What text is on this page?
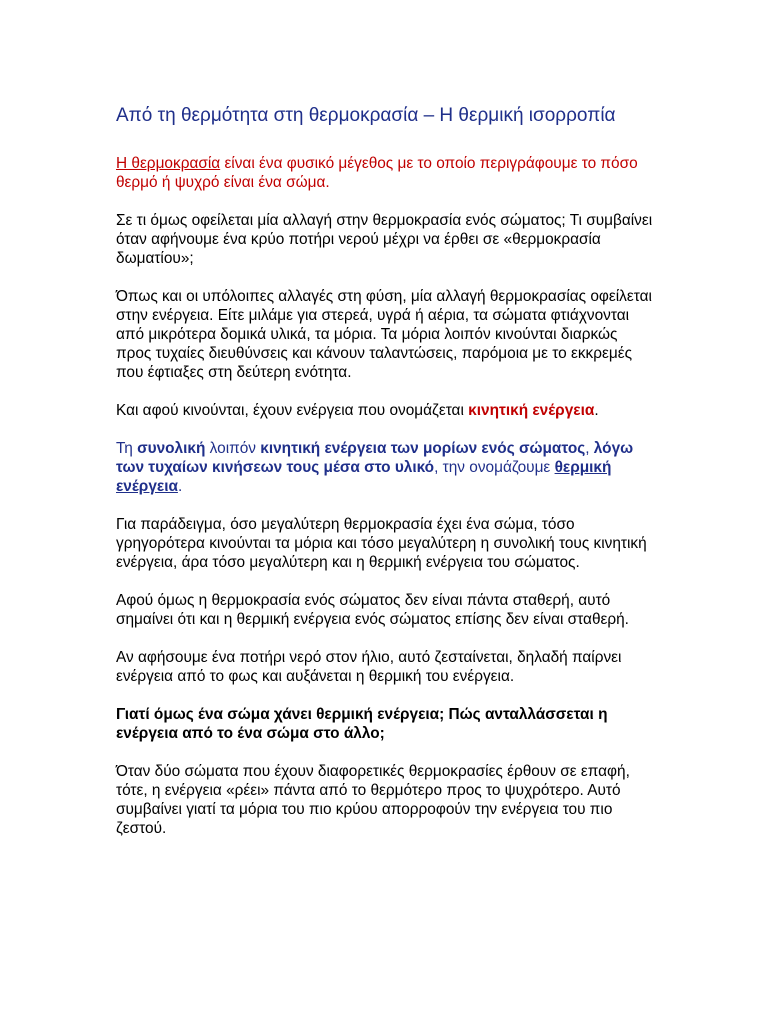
Από τη θερμότητα στη θερμοκρασία – Η θερμική ισορροπία

Η θερμοκρασία είναι ένα φυσικό μέγεθος με το οποίο περιγράφουμε το πόσο θερμό ή ψυχρό είναι ένα σώμα.

Σε τι όμως οφείλεται μία αλλαγή στην θερμοκρασία ενός σώματος; Τι συμβαίνει όταν αφήνουμε ένα κρύο ποτήρι νερού μέχρι να έρθει σε «θερμοκρασία δωματίου»;

Όπως και οι υπόλοιπες αλλαγές στη φύση, μία αλλαγή θερμοκρασίας οφείλεται στην ενέργεια. Είτε μιλάμε για στερεά, υγρά ή αέρια, τα σώματα φτιάχνονται από μικρότερα δομικά υλικά, τα μόρια. Τα μόρια λοιπόν κινούνται διαρκώς προς τυχαίες διευθύνσεις και κάνουν ταλαντώσεις, παρόμοια με το εκκρεμές που έφτιαξες στη δεύτερη ενότητα.

Και αφού κινούνται, έχουν ενέργεια που ονομάζεται κινητική ενέργεια.

Τη συνολική λοιπόν κινητική ενέργεια των μορίων ενός σώματος, λόγω των τυχαίων κινήσεων τους μέσα στο υλικό, την ονομάζουμε θερμική ενέργεια.

Για παράδειγμα, όσο μεγαλύτερη θερμοκρασία έχει ένα σώμα, τόσο γρηγορότερα κινούνται τα μόρια και τόσο μεγαλύτερη η συνολική τους κινητική ενέργεια, άρα τόσο μεγαλύτερη και η θερμική ενέργεια του σώματος.

Αφού όμως η θερμοκρασία ενός σώματος δεν είναι πάντα σταθερή, αυτό σημαίνει ότι και η θερμική ενέργεια ενός σώματος επίσης δεν είναι σταθερή.

Αν αφήσουμε ένα ποτήρι νερό στον ήλιο, αυτό ζεσταίνεται, δηλαδή παίρνει ενέργεια από το φως και αυξάνεται η θερμική του ενέργεια.

Γιατί όμως ένα σώμα χάνει θερμική ενέργεια; Πώς ανταλλάσσεται η ενέργεια από το ένα σώμα στο άλλο;

Όταν δύο σώματα που έχουν διαφορετικές θερμοκρασίες έρθουν σε επαφή, τότε, η ενέργεια «ρέει» πάντα από το θερμότερο προς το ψυχρότερο. Αυτό συμβαίνει γιατί τα μόρια του πιο κρύου απορροφούν την ενέργεια του πιο ζεστού.
